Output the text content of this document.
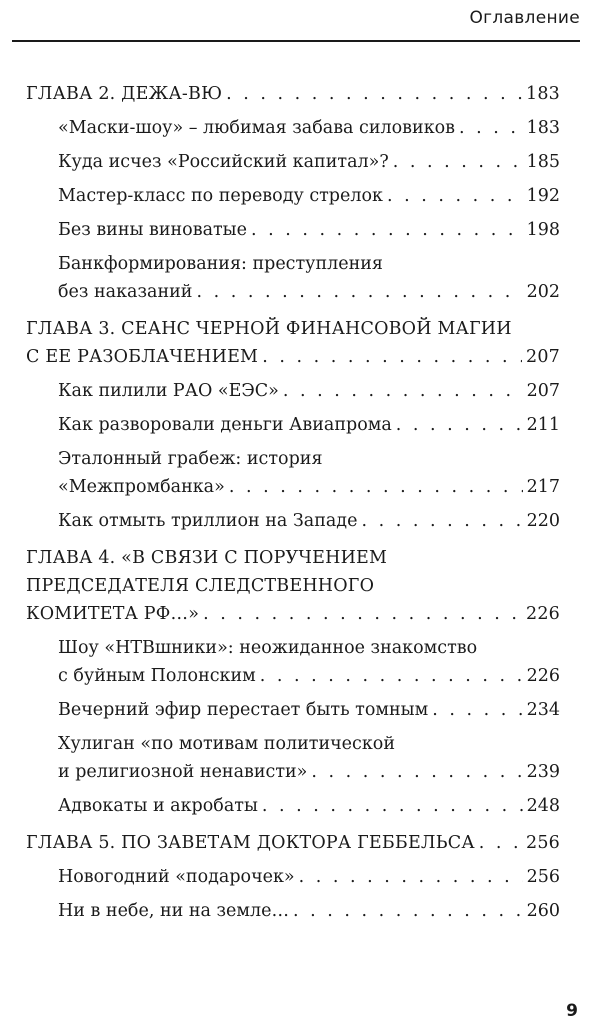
Оглавление
ГЛАВА 2. ДЕЖА-ВЮ . . .	183
«Маски-шоу» – любимая забава силовиков . . .	183
Куда исчез «Российский капитал»? . . .	185
Мастер-класс по переводу стрелок . . .	192
Без вины виноватые . . .	198
Банкформирования: преступления
без наказаний . . .	202
ГЛАВА 3. СЕАНС ЧЕРНОЙ ФИНАНСОВОЙ МАГИИ
С ЕЕ РАЗОБЛАЧЕНИЕМ . . .	207
Как пилили РАО «ЕЭС» . . .	207
Как разворовали деньги Авиапрома . . .	211
Эталонный грабеж: история
«Межпромбанка» . . .	217
Как отмыть триллион на Западе . . .	220
ГЛАВА 4. «В СВЯЗИ С ПОРУЧЕНИЕМ
ПРЕДСЕДАТЕЛЯ СЛЕДСТВЕННОГО
КОМИТЕТА РФ…» . . .	226
Шоу «НТВшники»: неожиданное знакомство
с буйным Полонским . . .	226
Вечерний эфир перестает быть томным . . .	234
Хулиган «по мотивам политической
и религиозной ненависти» . . .	239
Адвокаты и акробаты . . .	248
ГЛАВА 5. ПО ЗАВЕТАМ ДОКТОРА ГЕББЕЛЬСА . . .	256
Новогодний «подарочек» . . .	256
Ни в небе, ни на земле… . . .	260
9
